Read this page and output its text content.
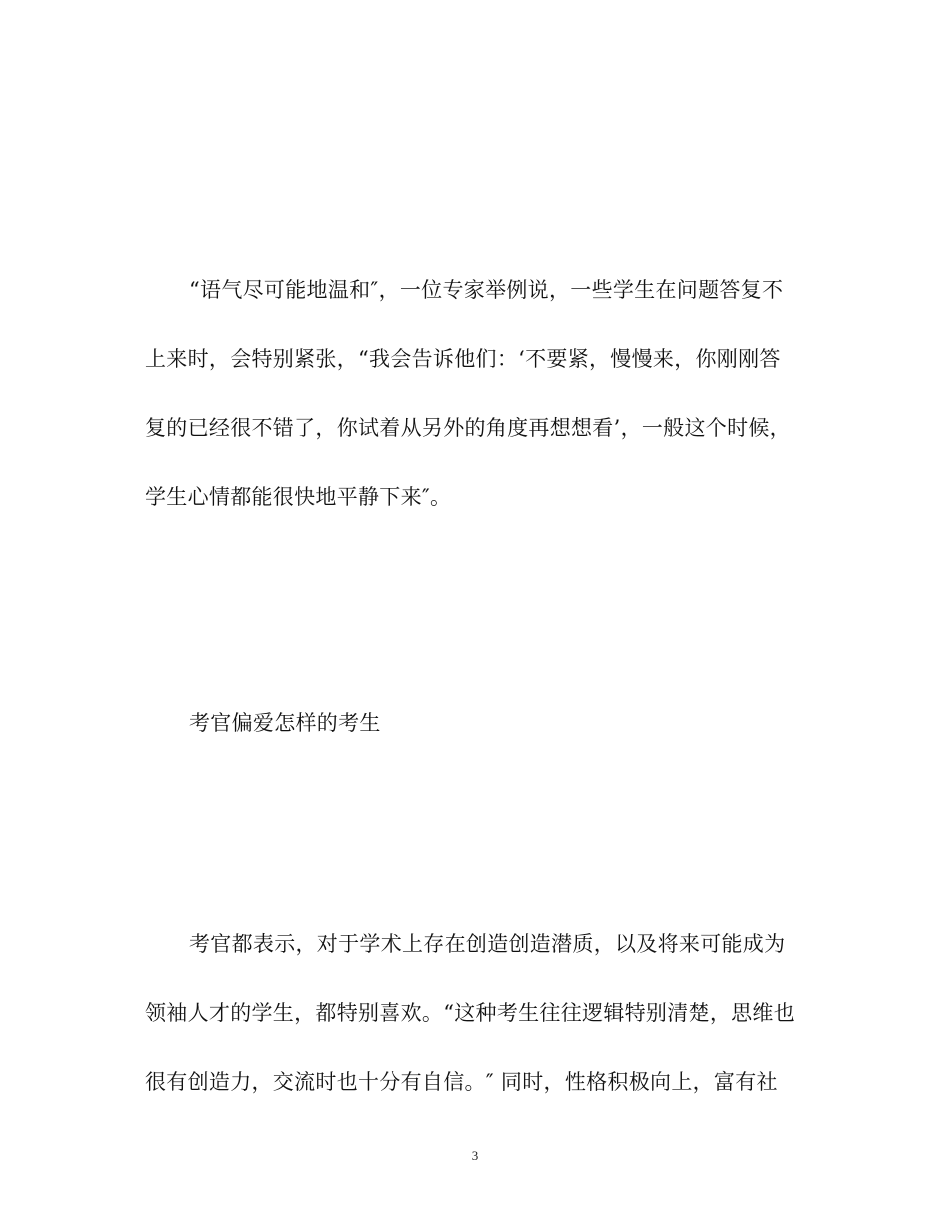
“语气尽可能地温和″，一位专家举例说，一些学生在问题答复不
上来时，会特别紧张，“我会告诉他们：‘不要紧，慢慢来，你刚刚答
复的已经很不错了，你试着从另外的角度再想想看’，一般这个时候，
学生心情都能很快地平静下来″。
考官偏爱怎样的考生
考官都表示，对于学术上存在创造创造潜质，以及将来可能成为
领袖人才的学生，都特别喜欢。“这种考生往往逻辑特别清楚，思维也
很有创造力，交流时也十分有自信。″ 同时，性格积极向上，富有社
3
